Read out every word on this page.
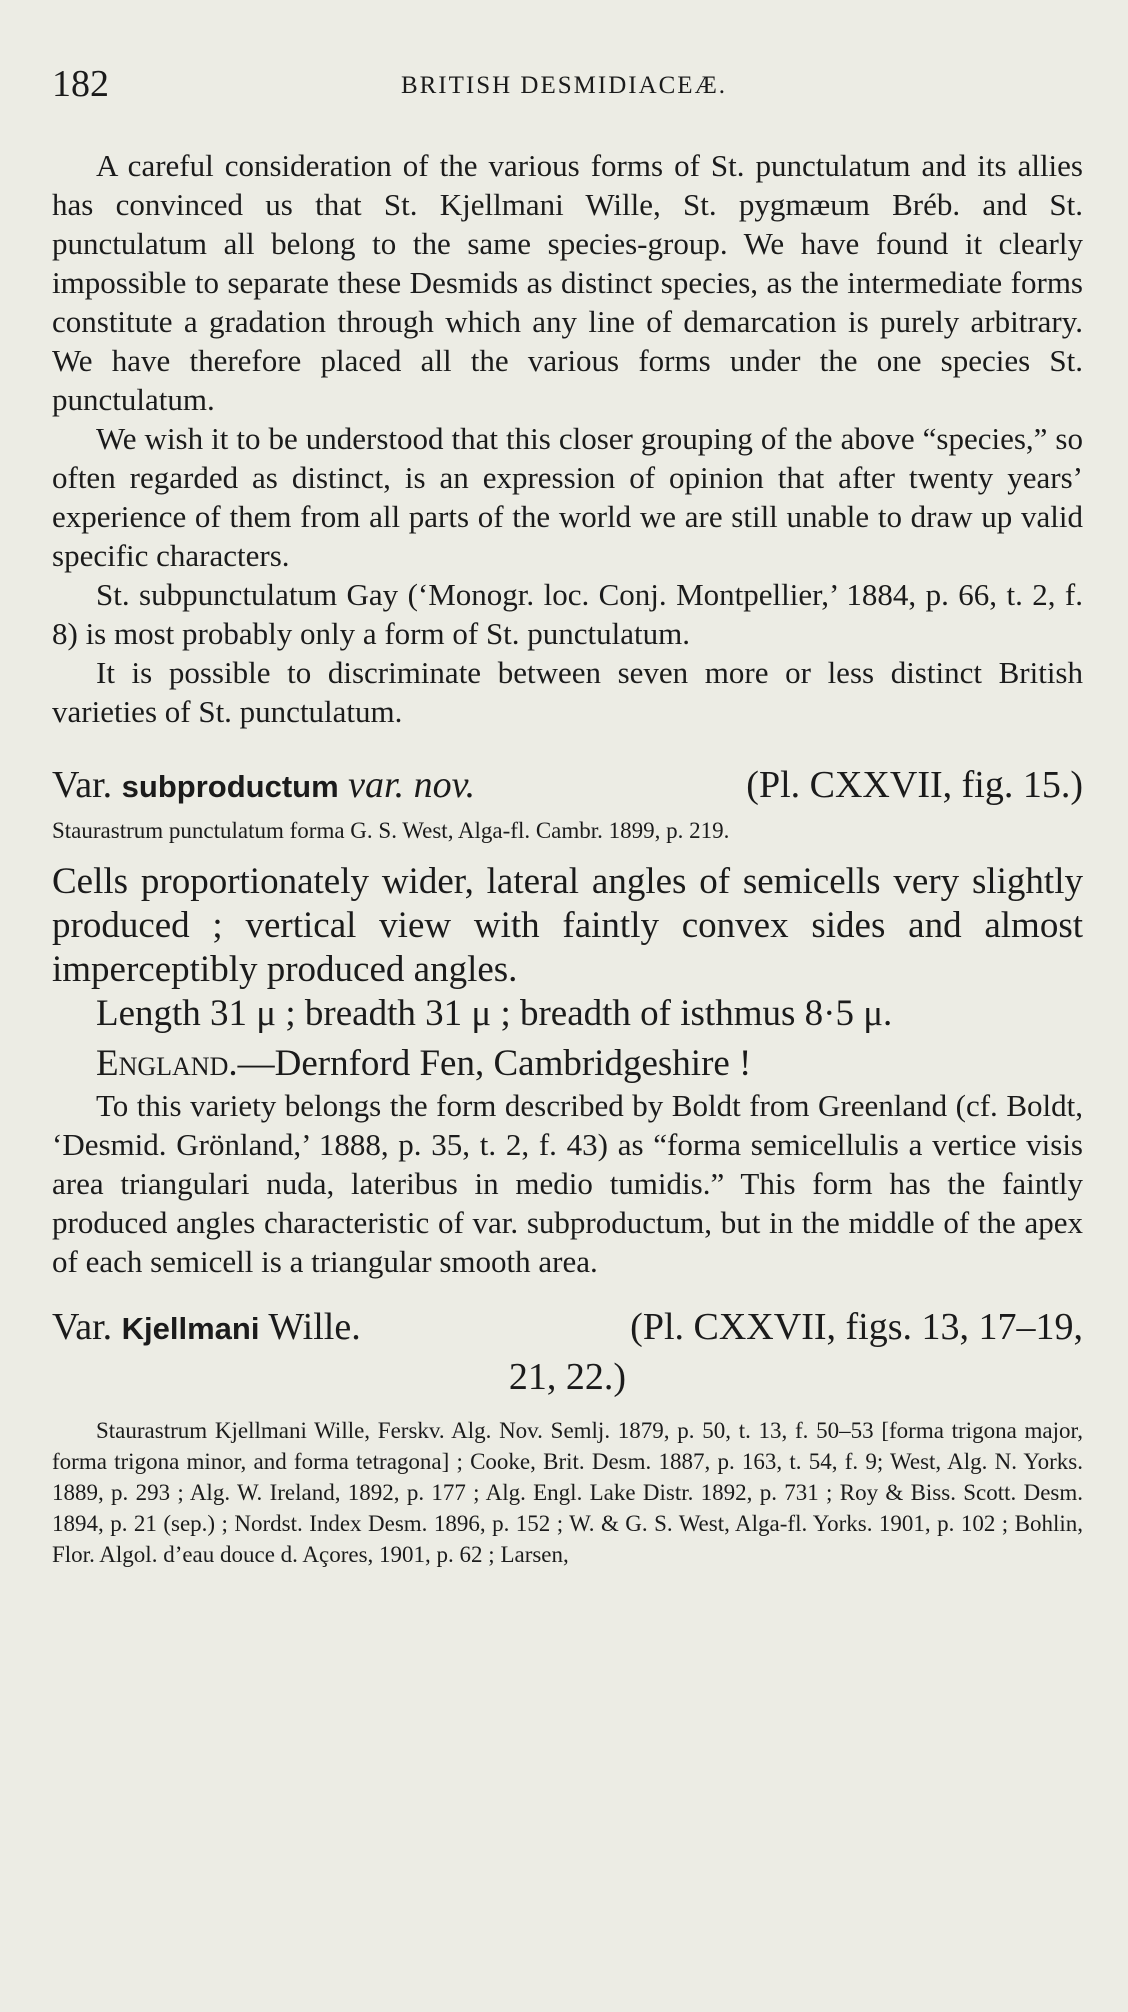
182	BRITISH DESMIDIACEÆ.

A careful consideration of the various forms of St. punctulatum and its allies has convinced us that St. Kjellmani Wille, St. pygmæum Bréb. and St. punctulatum all belong to the same species-group. We have found it clearly impossible to separate these Desmids as distinct species, as the intermediate forms constitute a gradation through which any line of demarcation is purely arbitrary. We have therefore placed all the various forms under the one species St. punctulatum.

We wish it to be understood that this closer grouping of the above “species,” so often regarded as distinct, is an expression of opinion that after twenty years’ experience of them from all parts of the world we are still unable to draw up valid specific characters.

St. subpunctulatum Gay (‘Monogr. loc. Conj. Montpellier,’ 1884, p. 66, t. 2, f. 8) is most probably only a form of St. punctulatum.

It is possible to discriminate between seven more or less distinct British varieties of St. punctulatum.

Var. subproductum var. nov.	(Pl. CXXVII, fig. 15.)

Staurastrum punctulatum forma G. S. West, Alga-fl. Cambr. 1899, p. 219.

Cells proportionately wider, lateral angles of semicells very slightly produced ; vertical view with faintly convex sides and almost imperceptibly produced angles.

Length 31 μ ; breadth 31 μ ; breadth of isthmus 8·5 μ.

England.—Dernford Fen, Cambridgeshire !

To this variety belongs the form described by Boldt from Greenland (cf. Boldt, ‘Desmid. Grönland,’ 1888, p. 35, t. 2, f. 43) as “forma semicellulis a vertice visis area triangulari nuda, lateribus in medio tumidis.” This form has the faintly produced angles characteristic of var. subproductum, but in the middle of the apex of each semicell is a triangular smooth area.

Var. Kjellmani Wille.	(Pl. CXXVII, figs. 13, 17–19,
21, 22.)

Staurastrum Kjellmani Wille, Ferskv. Alg. Nov. Semlj. 1879, p. 50, t. 13, f. 50–53 [forma trigona major, forma trigona minor, and forma tetragona] ; Cooke, Brit. Desm. 1887, p. 163, t. 54, f. 9; West, Alg. N. Yorks. 1889, p. 293 ; Alg. W. Ireland, 1892, p. 177 ; Alg. Engl. Lake Distr. 1892, p. 731 ; Roy & Biss. Scott. Desm. 1894, p. 21 (sep.) ; Nordst. Index Desm. 1896, p. 152 ; W. & G. S. West, Alga-fl. Yorks. 1901, p. 102 ; Bohlin, Flor. Algol. d’eau douce d. Açores, 1901, p. 62 ; Larsen,
